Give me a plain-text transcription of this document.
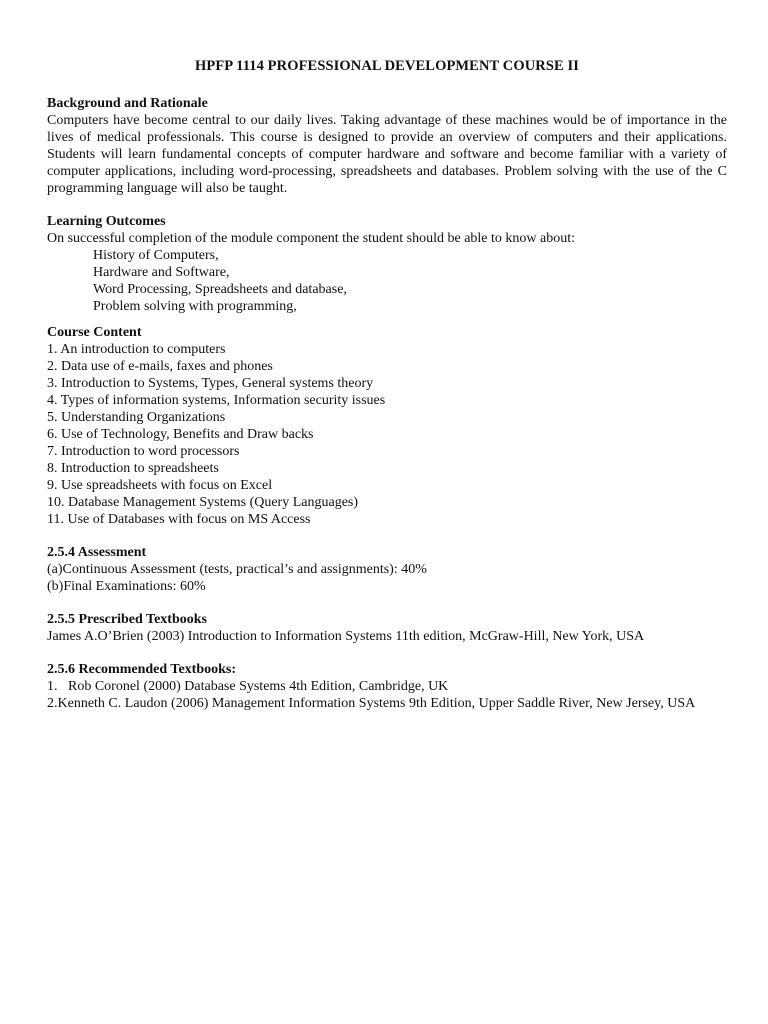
HPFP 1114 PROFESSIONAL DEVELOPMENT COURSE II
Background and Rationale
Computers have become central to our daily lives. Taking advantage of these machines would be of importance in the lives of medical professionals. This course is designed to provide an overview of computers and their applications. Students will learn fundamental concepts of computer hardware and software and become familiar with a variety of computer applications, including word-processing, spreadsheets and databases. Problem solving with the use of the C programming language will also be taught.
Learning Outcomes
On successful completion of the module component the student should be able to know about:
History of Computers,
Hardware and Software,
Word Processing, Spreadsheets and database,
Problem solving with programming,
Course Content
1. An introduction to computers
2. Data use of e-mails, faxes and phones
3. Introduction to Systems, Types, General systems theory
4. Types of information systems, Information security issues
5. Understanding Organizations
6. Use of Technology, Benefits and Draw backs
7. Introduction to word processors
8. Introduction to spreadsheets
9. Use spreadsheets with focus on Excel
10. Database Management Systems (Query Languages)
11. Use of Databases with focus on MS Access
2.5.4 Assessment
(a)Continuous Assessment (tests, practical’s and assignments): 40%
(b)Final Examinations: 60%
2.5.5 Prescribed Textbooks
James A.O’Brien (2003) Introduction to Information Systems 11th edition, McGraw-Hill, New York, USA
2.5.6 Recommended Textbooks:
1.   Rob Coronel (2000) Database Systems 4th Edition, Cambridge, UK
2.Kenneth C. Laudon (2006) Management Information Systems 9th Edition, Upper Saddle River, New Jersey, USA
